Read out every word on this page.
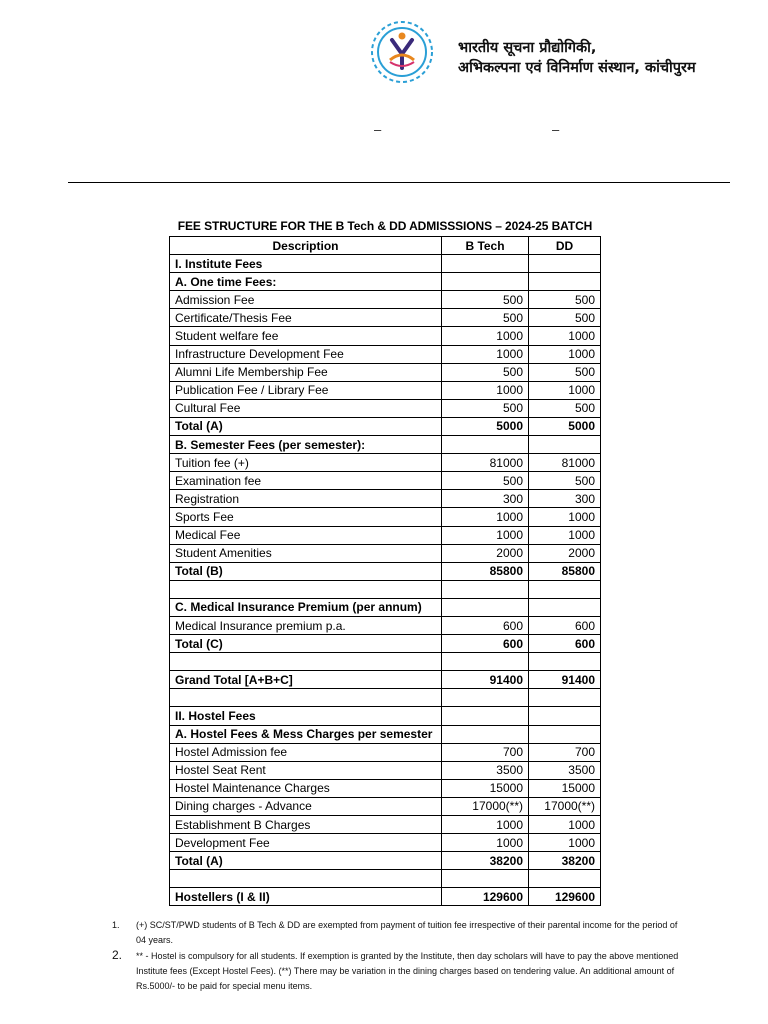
भारतीय सूचना प्रौद्योगिकी,
अभिकल्पना एवं विनिर्माण संस्थान, कांचीपुरम
–	–
FEE STRUCTURE FOR THE B Tech & DD ADMISSSIONS – 2024-25 BATCH
Description	B Tech	DD
I. Institute Fees		
A. One time Fees:		
Admission Fee	500	500
Certificate/Thesis Fee	500	500
Student welfare fee	1000	1000
Infrastructure Development Fee	1000	1000
Alumni Life Membership Fee	500	500
Publication Fee / Library Fee	1000	1000
Cultural Fee	500	500
Total (A)	5000	5000
B. Semester Fees (per semester):		
Tuition fee (+)	81000	81000
Examination fee	500	500
Registration	300	300
Sports Fee	1000	1000
Medical Fee	1000	1000
Student Amenities	2000	2000
Total (B)	85800	85800

C. Medical Insurance Premium (per annum)		
Medical Insurance premium p.a.	600	600
Total (C)	600	600

Grand Total [A+B+C]	91400	91400

II. Hostel Fees		
A. Hostel Fees & Mess Charges per semester		
Hostel Admission fee	700	700
Hostel Seat Rent	3500	3500
Hostel Maintenance Charges	15000	15000
Dining charges - Advance	17000(**)	17000(**)
Establishment B Charges	1000	1000
Development Fee	1000	1000
Total (A)	38200	38200

Hostellers (I & II)	129600	129600
1. (+) SC/ST/PWD students of B Tech & DD are exempted from payment of tuition fee irrespective of their parental income for the period of 04 years.
2. ** - Hostel is compulsory for all students. If exemption is granted by the Institute, then day scholars will have to pay the above mentioned Institute fees (Except Hostel Fees). (**) There may be variation in the dining charges based on tendering value. An additional amount of Rs.5000/- to be paid for special menu items.
